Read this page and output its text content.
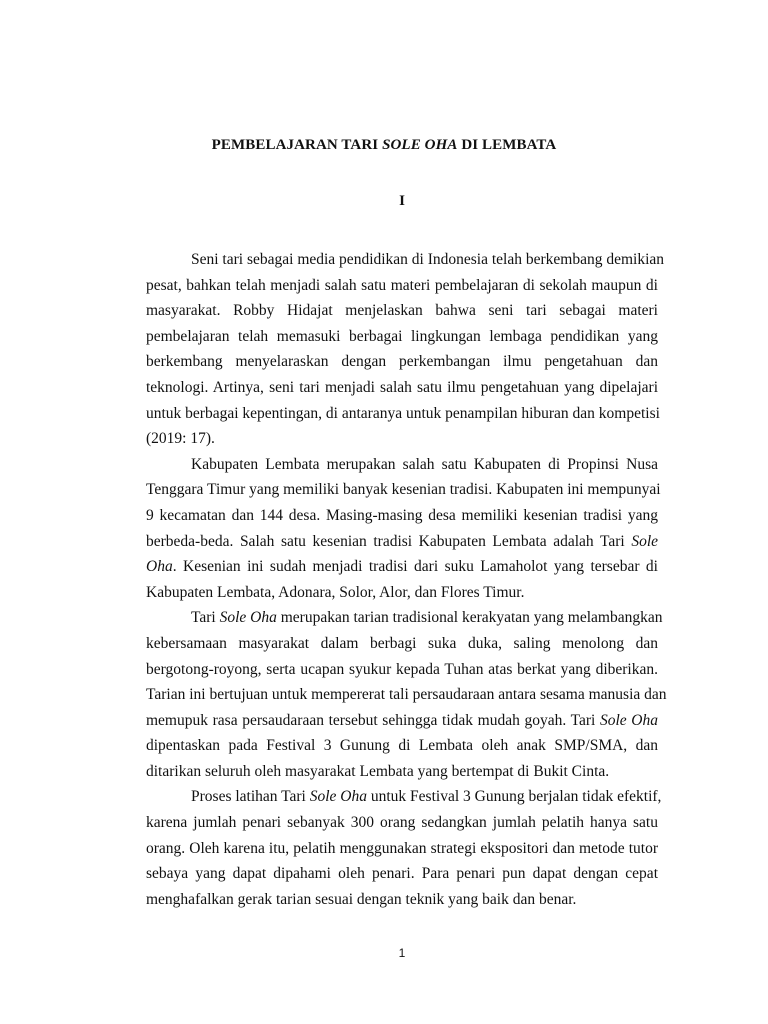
PEMBELAJARAN TARI SOLE OHA DI LEMBATA
I
Seni tari sebagai media pendidikan di Indonesia telah berkembang demikian
pesat, bahkan telah menjadi salah satu materi pembelajaran di sekolah maupun di
masyarakat. Robby Hidajat menjelaskan bahwa seni tari sebagai materi
pembelajaran telah memasuki berbagai lingkungan lembaga pendidikan yang
berkembang menyelaraskan dengan perkembangan ilmu pengetahuan dan
teknologi. Artinya, seni tari menjadi salah satu ilmu pengetahuan yang dipelajari
untuk berbagai kepentingan, di antaranya untuk penampilan hiburan dan kompetisi
(2019: 17).
Kabupaten Lembata merupakan salah satu Kabupaten di Propinsi Nusa
Tenggara Timur yang memiliki banyak kesenian tradisi. Kabupaten ini mempunyai
9 kecamatan dan 144 desa. Masing-masing desa memiliki kesenian tradisi yang
berbeda-beda. Salah satu kesenian tradisi Kabupaten Lembata adalah Tari Sole
Oha. Kesenian ini sudah menjadi tradisi dari suku Lamaholot yang tersebar di
Kabupaten Lembata, Adonara, Solor, Alor, dan Flores Timur.
Tari Sole Oha merupakan tarian tradisional kerakyatan yang melambangkan
kebersamaan masyarakat dalam berbagi suka duka, saling menolong dan
bergotong-royong, serta ucapan syukur kepada Tuhan atas berkat yang diberikan.
Tarian ini bertujuan untuk mempererat tali persaudaraan antara sesama manusia dan
memupuk rasa persaudaraan tersebut sehingga tidak mudah goyah. Tari Sole Oha
dipentaskan pada Festival 3 Gunung di Lembata oleh anak SMP/SMA, dan
ditarikan seluruh oleh masyarakat Lembata yang bertempat di Bukit Cinta.
Proses latihan Tari Sole Oha untuk Festival 3 Gunung berjalan tidak efektif,
karena jumlah penari sebanyak 300 orang sedangkan jumlah pelatih hanya satu
orang. Oleh karena itu, pelatih menggunakan strategi ekspositori dan metode tutor
sebaya yang dapat dipahami oleh penari. Para penari pun dapat dengan cepat
menghafalkan gerak tarian sesuai dengan teknik yang baik dan benar.
1
